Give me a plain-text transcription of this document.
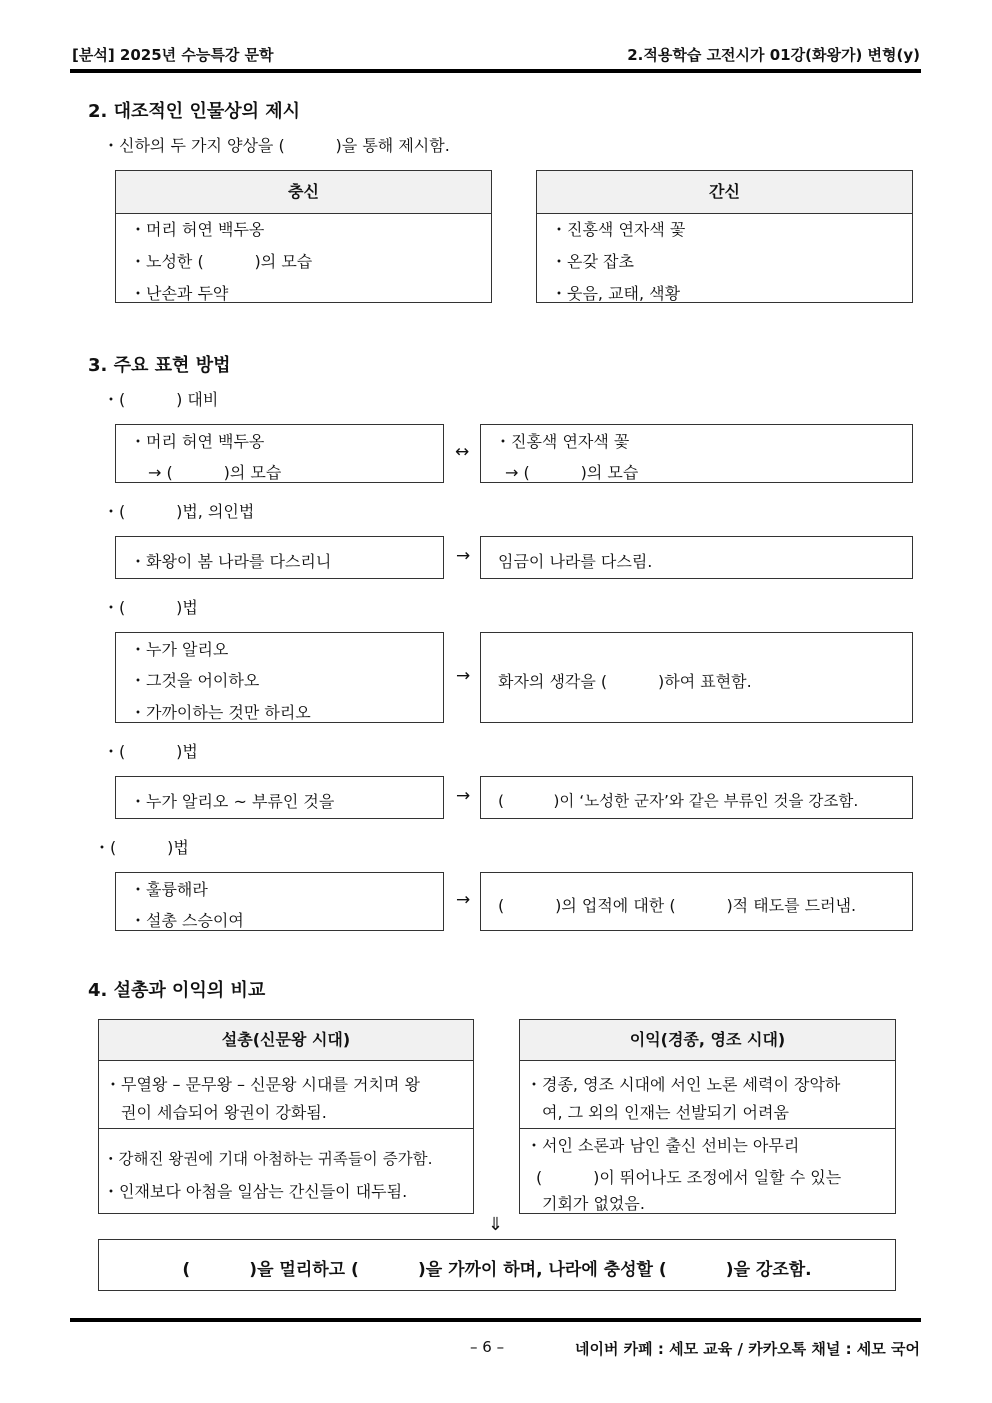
[분석] 2025년 수능특강 문학	2.적용학습 고전시가 01강(화왕가) 변형(y)
2. 대조적인 인물상의 제시
・신하의 두 가지 양상을 (          )을 통해 제시함.
충신
・머리 허연 백두옹
・노성한 (          )의 모습
・난손과 두약
간신
・진홍색 연자색 꽃
・온갖 잡초
・웃음, 교태, 색황
3. 주요 표현 방법
・(          ) 대비
・머리 허연 백두옹
→ (          )의 모습
↔
・진홍색 연자색 꽃
→ (          )의 모습
・(          )법, 의인법
・화왕이 봄 나라를 다스리니	→ 임금이 나라를 다스림.
・(          )법
・누가 알리오
・그것을 어이하오
・가까이하는 것만 하리오
→ 화자의 생각을 (          )하여 표현함.
・(          )법
・누가 알리오 ~ 부류인 것을	→ (          )이 ‘노성한 군자’와 같은 부류인 것을 강조함.
・(          )법
・훌륭해라
・설총 스승이여
→ (          )의 업적에 대한 (          )적 태도를 드러냄.
4. 설총과 이익의 비교
설총(신문왕 시대)
・무열왕 – 문무왕 – 신문왕 시대를 거치며 왕
권이 세습되어 왕권이 강화됨.
・강해진 왕권에 기대 아첨하는 귀족들이 증가함.
・인재보다 아첨을 일삼는 간신들이 대두됨.
이익(경종, 영조 시대)
・경종, 영조 시대에 서인 노론 세력이 장악하
여, 그 외의 인재는 선발되기 어려움
・서인 소론과 남인 출신 선비는 아무리
(          )이 뛰어나도 조정에서 일할 수 있는
기회가 없었음.
⇓
(          )을 멀리하고 (          )을 가까이 하며, 나라에 충성할 (          )을 강조함.
– 6 –	네이버 카페 : 세모 교육 / 카카오톡 채널 : 세모 국어
